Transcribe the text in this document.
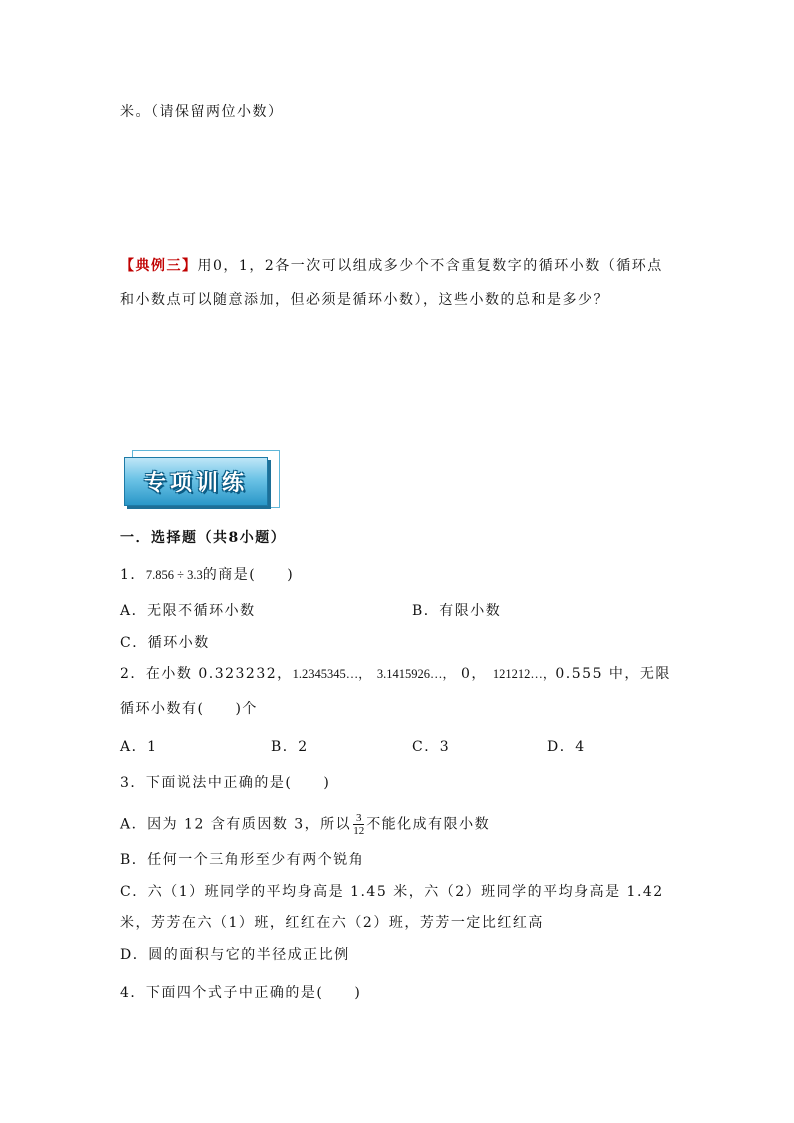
米。（请保留两位小数）
【典例三】用0，1，2各一次可以组成多少个不含重复数字的循环小数（循环点
和小数点可以随意添加，但必须是循环小数），这些小数的总和是多少？
专项训练
一．选择题（共8小题）
1．7.856 ÷ 3.3的商是(　　)
A．无限不循环小数	B．有限小数
C．循环小数
2．在小数 0.323232，1.2345345…， 3.1415926…， 0， 121212…，0.555 中，无限
循环小数有(　　)个
A．1	B．2	C．3	D．4
3．下面说法中正确的是(　　)
A．因为 12 含有质因数 3，所以 $\frac{3}{12}$ 不能化成有限小数
B．任何一个三角形至少有两个锐角
C．六（1）班同学的平均身高是 1.45 米，六（2）班同学的平均身高是 1.42
米，芳芳在六（1）班，红红在六（2）班，芳芳一定比红红高
D．圆的面积与它的半径成正比例
4．下面四个式子中正确的是(　　)
